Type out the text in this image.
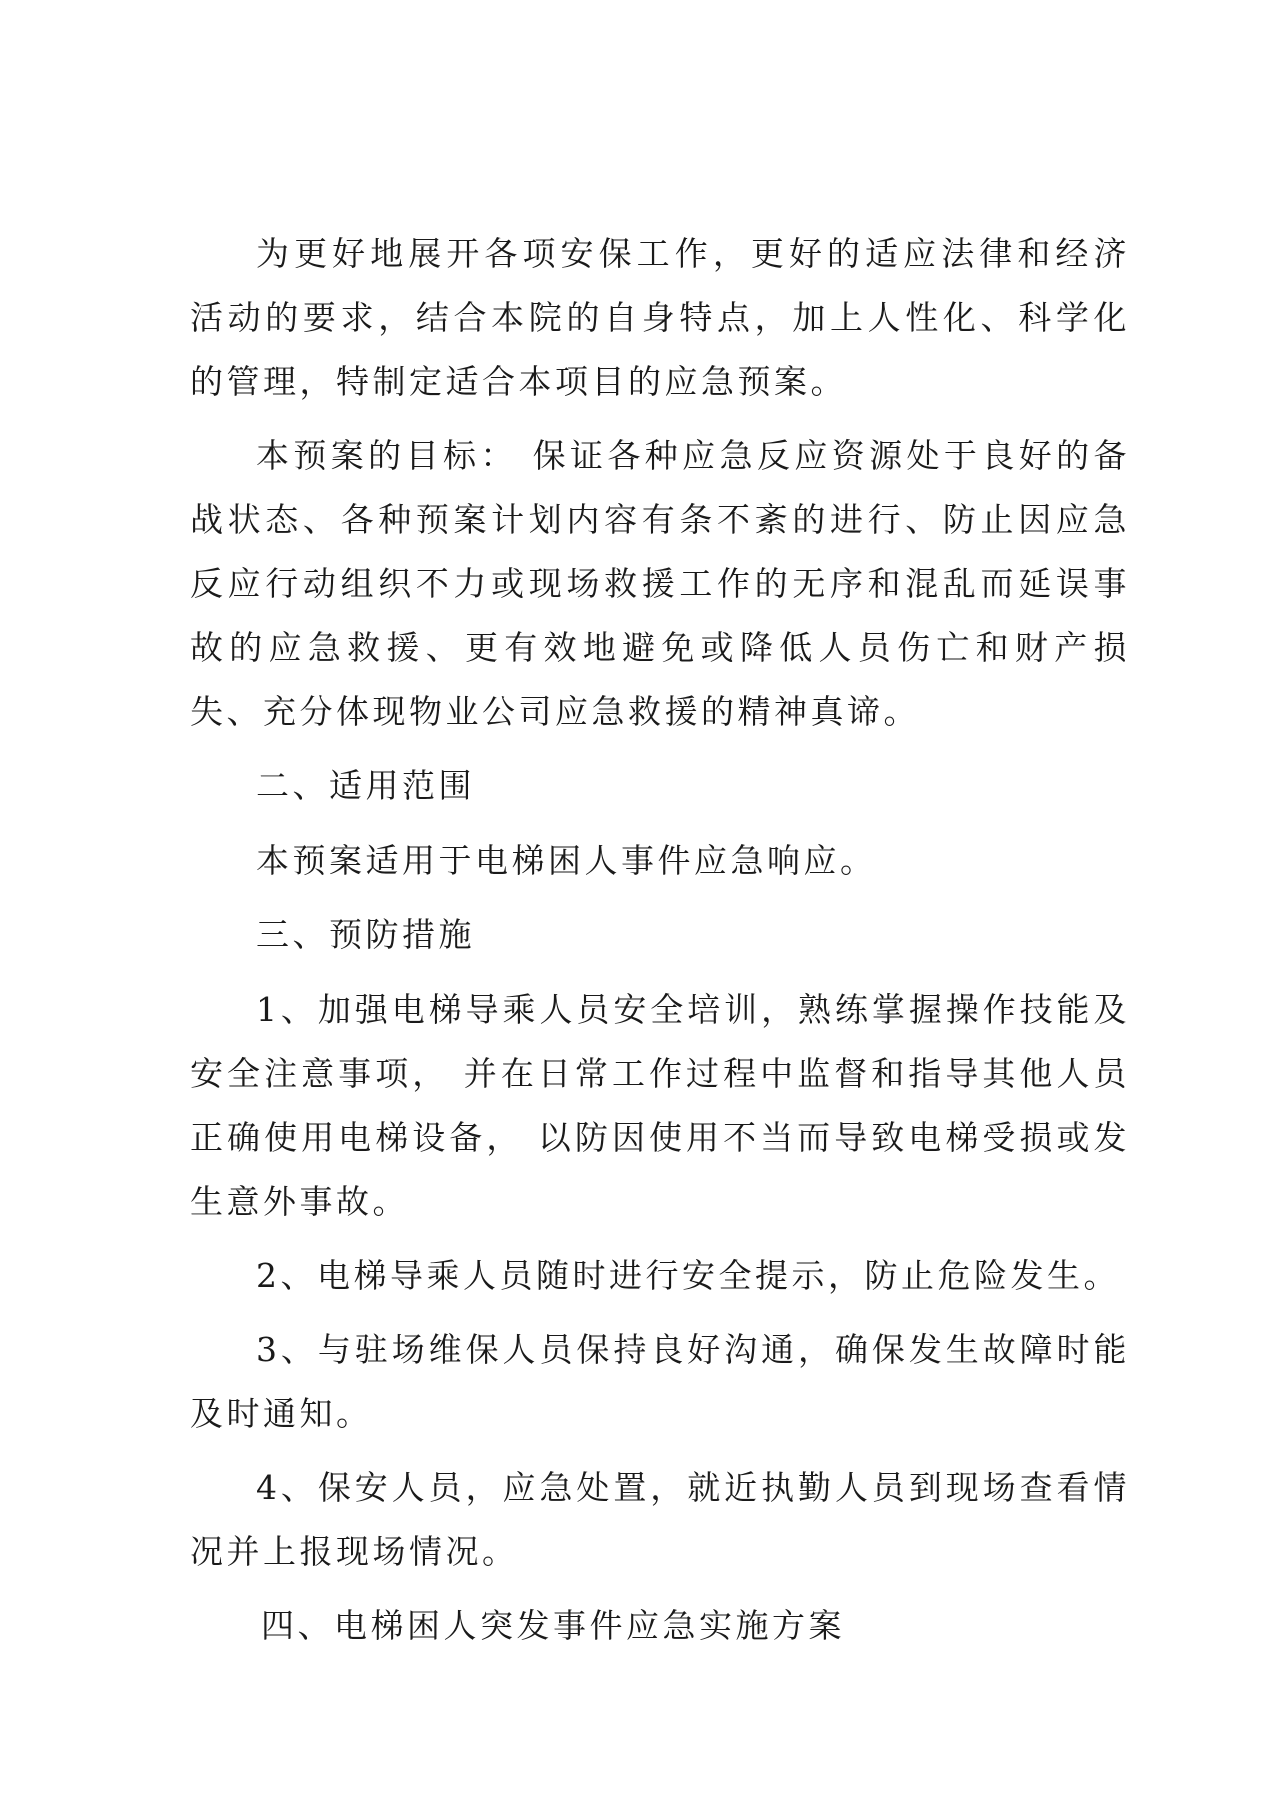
为更好地展开各项安保工作，更好的适应法律和经济活动的要求，结合本院的自身特点，加上人性化、科学化的管理，特制定适合本项目的应急预案。

本预案的目标： 保证各种应急反应资源处于良好的备战状态、各种预案计划内容有条不紊的进行、防止因应急反应行动组织不力或现场救援工作的无序和混乱而延误事故的应急救援、更有效地避免或降低人员伤亡和财产损失、充分体现物业公司应急救援的精神真谛。

二、适用范围

本预案适用于电梯困人事件应急响应。

三、预防措施

1、加强电梯导乘人员安全培训，熟练掌握操作技能及安全注意事项， 并在日常工作过程中监督和指导其他人员正确使用电梯设备， 以防因使用不当而导致电梯受损或发生意外事故。

2、电梯导乘人员随时进行安全提示，防止危险发生。

3、与驻场维保人员保持良好沟通，确保发生故障时能及时通知。

4、保安人员，应急处置，就近执勤人员到现场查看情况并上报现场情况。

四、电梯困人突发事件应急实施方案
